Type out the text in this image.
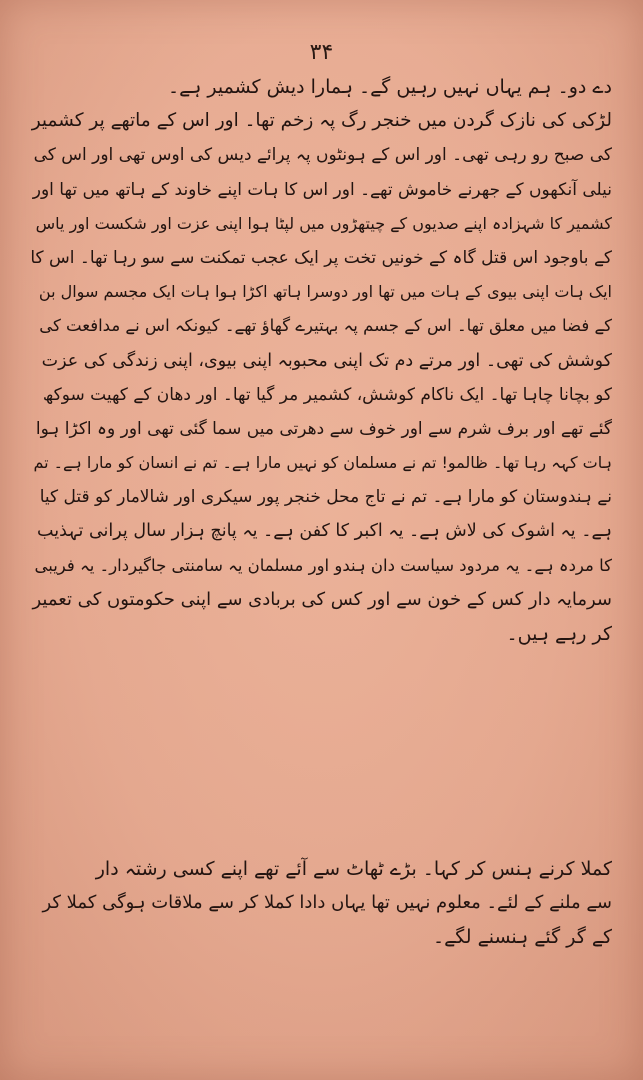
۳۴
دے دو۔ ہم یہاں نہیں رہیں گے۔ ہمارا دیش کشمیر ہے۔
لڑکی کی نازک گردن میں خنجر رگ پہ زخم تھا۔ اور اس کے ماتھے پر کشمیر
کی صبح رو رہی تھی۔ اور اس کے ہونٹوں پہ پرائے دیس کی اوس تھی اور اس کی
نیلی آنکھوں کے جھرنے خاموش تھے۔ اور اس کا ہات اپنے خاوند کے ہاتھ میں تھا اور
کشمیر کا شہزادہ اپنے صدیوں کے چیتھڑوں میں لپٹا ہوا اپنی عزت اور شکست اور یاس
کے باوجود اس قتل گاہ کے خونیں تخت پر ایک عجب تمکنت سے سو رہا تھا۔ اس کا
ایک ہات اپنی بیوی کے ہات میں تھا اور دوسرا ہاتھ اکڑا ہوا ہات ایک مجسم سوال بن
کے فضا میں معلق تھا۔ اس کے جسم پہ بہتیرے گھاؤ تھے۔ کیونکہ اس نے مدافعت کی
کوشش کی تھی۔ اور مرتے دم تک اپنی محبوبہ اپنی بیوی، اپنی زندگی کی عزت
کو بچانا چاہا تھا۔ ایک ناکام کوشش، کشمیر مر گیا تھا۔ اور دھان کے کھیت سوکھ
گئے تھے اور برف شرم سے اور خوف سے دھرتی میں سما گئی تھی اور وہ اکڑا ہوا
ہات کہہ رہا تھا۔ ظالمو! تم نے مسلمان کو نہیں مارا ہے۔ تم نے انسان کو مارا ہے۔ تم
نے ہندوستان کو مارا ہے۔ تم نے تاج محل خنجر پور سیکری اور شالامار کو قتل کیا
ہے۔ یہ اشوک کی لاش ہے۔ یہ اکبر کا کفن ہے۔ یہ پانچ ہزار سال پرانی تہذیب
کا مردہ ہے۔ یہ مردود سیاست دان ہندو اور مسلمان یہ سامنتی جاگیردار۔ یہ فریبی
سرمایہ دار کس کے خون سے اور کس کی بربادی سے اپنی حکومتوں کی تعمیر
کر رہے ہیں۔
کملا کرنے ہنس کر کہا۔ بڑے ٹھاٹ سے آئے تھے اپنے کسی رشتہ دار
سے ملنے کے لئے۔ معلوم نہیں تھا یہاں دادا کملا کر سے ملاقات ہوگی کملا کر
کے گر گئے ہنسنے لگے۔
